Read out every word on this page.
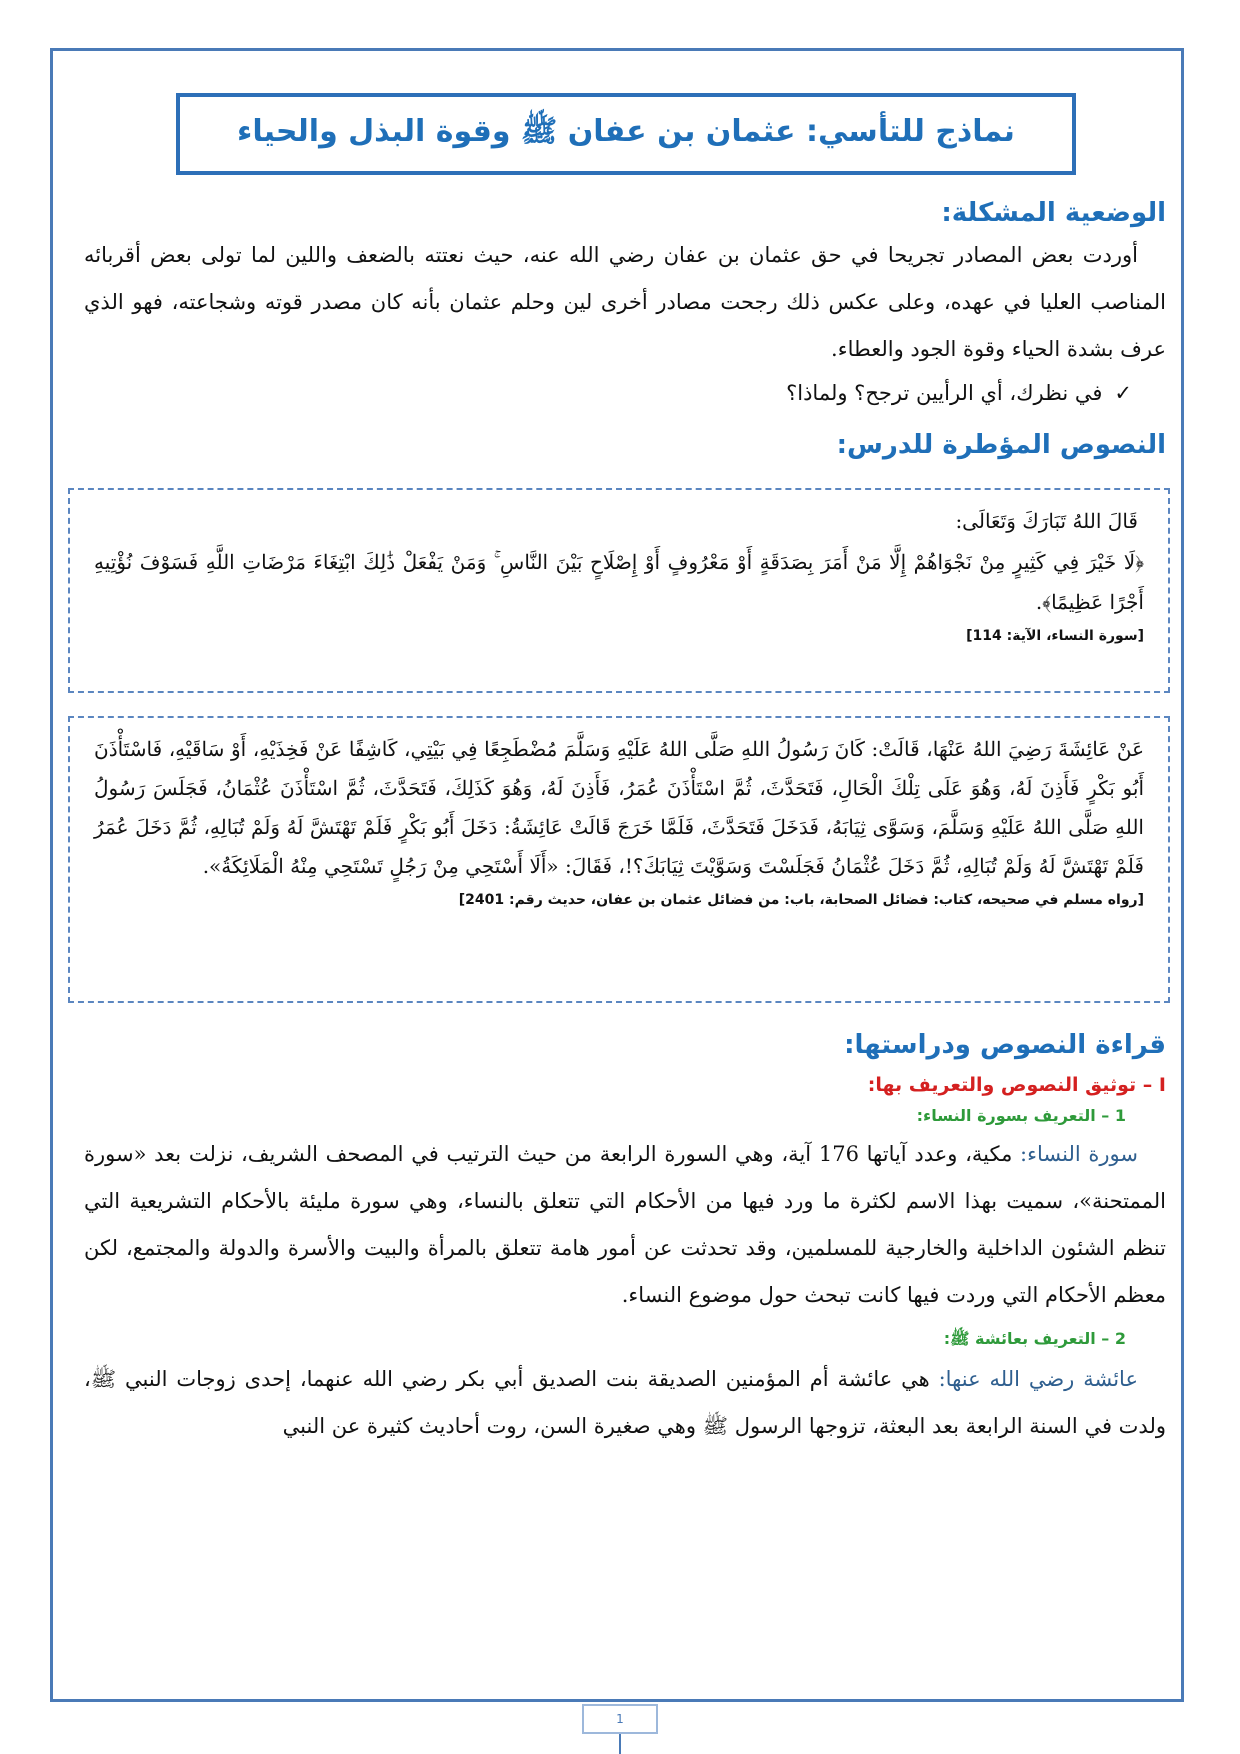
نماذج للتأسي: عثمان بن عفان ﷺ وقوة البذل والحياء
الوضعية المشكلة:

أوردت بعض المصادر تجريحا في حق عثمان بن عفان رضي الله عنه، حيث نعتته بالضعف واللين لما تولى بعض أقربائه المناصب العليا في عهده، وعلى عكس ذلك رجحت مصادر أخرى لين وحلم عثمان بأنه كان مصدر قوته وشجاعته، فهو الذي عرف بشدة الحياء وقوة الجود والعطاء.

✓في نظرك، أي الرأيين ترجح؟ ولماذا؟

النصوص المؤطرة للدرس:

قَالَ اللهُ تَبَارَكَ وَتَعَالَى:

﴿لَا خَيْرَ فِي كَثِيرٍ مِنْ نَجْوَاهُمْ إِلَّا مَنْ أَمَرَ بِصَدَقَةٍ أَوْ مَعْرُوفٍ أَوْ إِصْلَاحٍ بَيْنَ النَّاسِ ۚ وَمَنْ يَفْعَلْ ذَٰلِكَ ابْتِغَاءَ مَرْضَاتِ اللَّهِ فَسَوْفَ نُؤْتِيهِ أَجْرًا عَظِيمًا﴾.

[سورة النساء، الآية: 114]

عَنْ عَائِشَةَ رَضِيَ اللهُ عَنْهَا، قَالَتْ: كَانَ رَسُولُ اللهِ صَلَّى اللهُ عَلَيْهِ وَسَلَّمَ مُضْطَجِعًا فِي بَيْتِي، كَاشِفًا عَنْ فَخِذَيْهِ، أَوْ سَاقَيْهِ، فَاسْتَأْذَنَ أَبُو بَكْرٍ فَأَذِنَ لَهُ، وَهُوَ عَلَى تِلْكَ الْحَالِ، فَتَحَدَّثَ، ثُمَّ اسْتَأْذَنَ عُمَرُ، فَأَذِنَ لَهُ، وَهُوَ كَذَلِكَ، فَتَحَدَّثَ، ثُمَّ اسْتَأْذَنَ عُثْمَانُ، فَجَلَسَ رَسُولُ اللهِ صَلَّى اللهُ عَلَيْهِ وَسَلَّمَ، وَسَوَّى ثِيَابَهُ، فَدَخَلَ فَتَحَدَّثَ، فَلَمَّا خَرَجَ قَالَتْ عَائِشَةُ: دَخَلَ أَبُو بَكْرٍ فَلَمْ تَهْتَشَّ لَهُ وَلَمْ تُبَالِهِ، ثُمَّ دَخَلَ عُمَرُ فَلَمْ تَهْتَشَّ لَهُ وَلَمْ تُبَالِهِ، ثُمَّ دَخَلَ عُثْمَانُ فَجَلَسْتَ وَسَوَّيْتَ ثِيَابَكَ؟!، فَقَالَ: «أَلَا أَسْتَحِي مِنْ رَجُلٍ تَسْتَحِي مِنْهُ الْمَلَائِكَةُ».

[رواه مسلم في صحيحه، كتاب: فضائل الصحابة، باب: من فضائل عثمان بن عفان، حديث رقم: 2401]

قراءة النصوص ودراستها:
I – توثيق النصوص والتعريف بها:
1 – التعريف بسورة النساء:

سورة النساء: مكية، وعدد آياتها 176 آية، وهي السورة الرابعة من حيث الترتيب في المصحف الشريف، نزلت بعد «سورة الممتحنة»، سميت بهذا الاسم لكثرة ما ورد فيها من الأحكام التي تتعلق بالنساء، وهي سورة مليئة بالأحكام التشريعية التي تنظم الشئون الداخلية والخارجية للمسلمين، وقد تحدثت عن أمور هامة تتعلق بالمرأة والبيت والأسرة والدولة والمجتمع، لكن معظم الأحكام التي وردت فيها كانت تبحث حول موضوع النساء.

2 – التعريف بعائشة ﷺ:

عائشة رضي الله عنها: هي عائشة أم المؤمنين الصديقة بنت الصديق أبي بكر رضي الله عنهما، إحدى زوجات النبي ﷺ، ولدت في السنة الرابعة بعد البعثة، تزوجها الرسول ﷺ وهي صغيرة السن، روت أحاديث كثيرة عن النبي

1
